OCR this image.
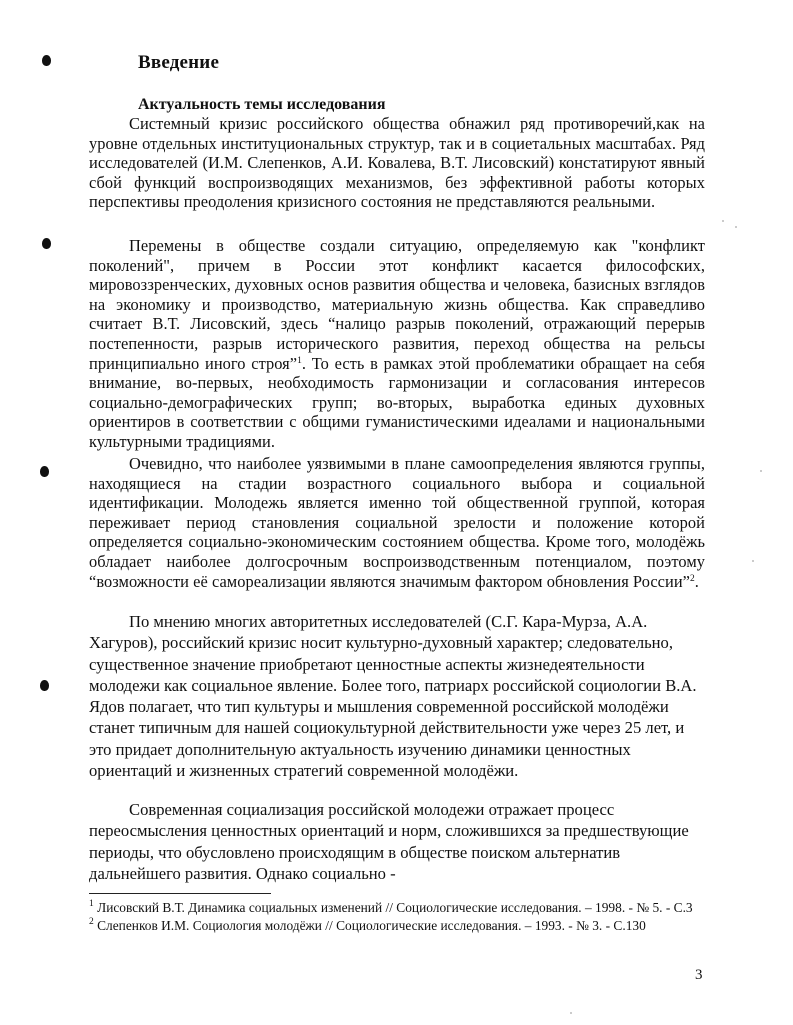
Введение
Актуальность темы исследования

Системный кризис российского общества обнажил ряд противоречий,как на уровне отдельных институциональных структур, так и в социетальных масштабах. Ряд исследователей (И.М. Слепенков, А.И. Ковалева, В.Т. Лисовский) констатируют явный сбой функций воспроизводящих механизмов, без эффективной работы которых перспективы преодоления кризисного состояния не представляются реальными.

Перемены в обществе создали ситуацию, определяемую как "конфликт поколений", причем в России этот конфликт касается философских, мировоззренческих, духовных основ развития общества и человека, базисных взглядов на экономику и производство, материальную жизнь общества. Как справедливо считает В.Т. Лисовский, здесь “налицо разрыв поколений, отражающий перерыв постепенности, разрыв исторического развития, переход общества на рельсы принципиально иного строя”$^1$. То есть в рамках этой проблематики обращает на себя внимание, во-первых, необходимость гармонизации и согласования интересов социально-демографических групп; во-вторых, выработка единых духовных ориентиров в соответствии с общими гуманистическими идеалами и национальными культурными традициями.

Очевидно, что наиболее уязвимыми в плане самоопределения являются группы, находящиеся на стадии возрастного социального выбора и социальной идентификации. Молодежь является именно той общественной группой, которая переживает период становления социальной зрелости и положение которой определяется социально-экономическим состоянием общества. Кроме того, молодёжь обладает наиболее долгосрочным воспроизводственным потенциалом, поэтому “возможности её самореализации являются значимым фактором обновления России”$^2$.

По мнению многих авторитетных исследователей (С.Г. Кара-Мурза, А.А. Хагуров), российский кризис носит культурно-духовный характер; следовательно, существенное значение приобретают ценностные аспекты жизнедеятельности молодежи как социальное явление. Более того, патриарх российской социологии В.А. Ядов полагает, что тип культуры и мышления современной российской молодёжи станет типичным для нашей социокультурной действительности уже через 25 лет, и это придает дополнительную актуальность изучению динамики ценностных ориентаций и жизненных стратегий современной молодёжи.

Современная социализация российской молодежи отражает процесс переосмысления ценностных ориентаций и норм, сложившихся за предшествующие периоды, что обусловлено происходящим в обществе поиском альтернатив дальнейшего развития. Однако социально -

$^1$ Лисовский В.Т. Динамика социальных изменений // Социологические исследования. – 1998. - № 5. - С.3

$^2$ Слепенков И.М. Социология молодёжи // Социологические исследования. – 1993. - № 3. - С.130

3
